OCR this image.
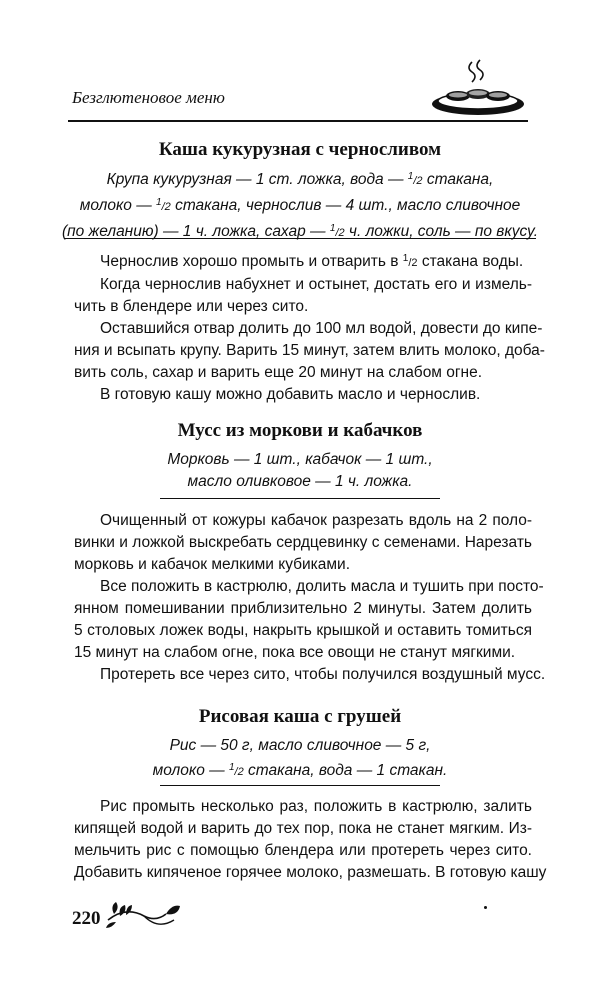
Безглютеновое меню
Каша кукурузная с черносливом
Крупа кукурузная — 1 ст. ложка, вода — $^1$/2 стакана,
молоко — $^1$/2 стакана, чернослив — 4 шт., масло сливочное
(по желанию) — 1 ч. ложка, сахар — $^1$/2 ч. ложки, соль — по вкусу.
Чернослив хорошо промыть и отварить в $^1$/2 стакана воды.
Когда чернослив набухнет и остынет, достать его и измель-
чить в блендере или через сито.
Оставшийся отвар долить до 100 мл водой, довести до кипе-
ния и всыпать крупу. Варить 15 минут, затем влить молоко, доба-
вить соль, сахар и варить еще 20 минут на слабом огне.
В готовую кашу можно добавить масло и чернослив.
Мусс из моркови и кабачков
Морковь — 1 шт., кабачок — 1 шт.,
масло оливковое — 1 ч. ложка.
Очищенный от кожуры кабачок разрезать вдоль на 2 поло-
винки и ложкой выскребать сердцевинку с семенами. Нарезать
морковь и кабачок мелкими кубиками.
Все положить в кастрюлю, долить масла и тушить при посто-
янном помешивании приблизительно 2 минуты. Затем долить
5 столовых ложек воды, накрыть крышкой и оставить томиться
15 минут на слабом огне, пока все овощи не станут мягкими.
Протереть все через сито, чтобы получился воздушный мусс.
Рисовая каша с грушей
Рис — 50 г, масло сливочное — 5 г,
молоко — $^1$/2 стакана, вода — 1 стакан.
Рис промыть несколько раз, положить в кастрюлю, залить
кипящей водой и варить до тех пор, пока не станет мягким. Из-
мельчить рис с помощью блендера или протереть через сито.
Добавить кипяченое горячее молоко, размешать. В готовую кашу
220
